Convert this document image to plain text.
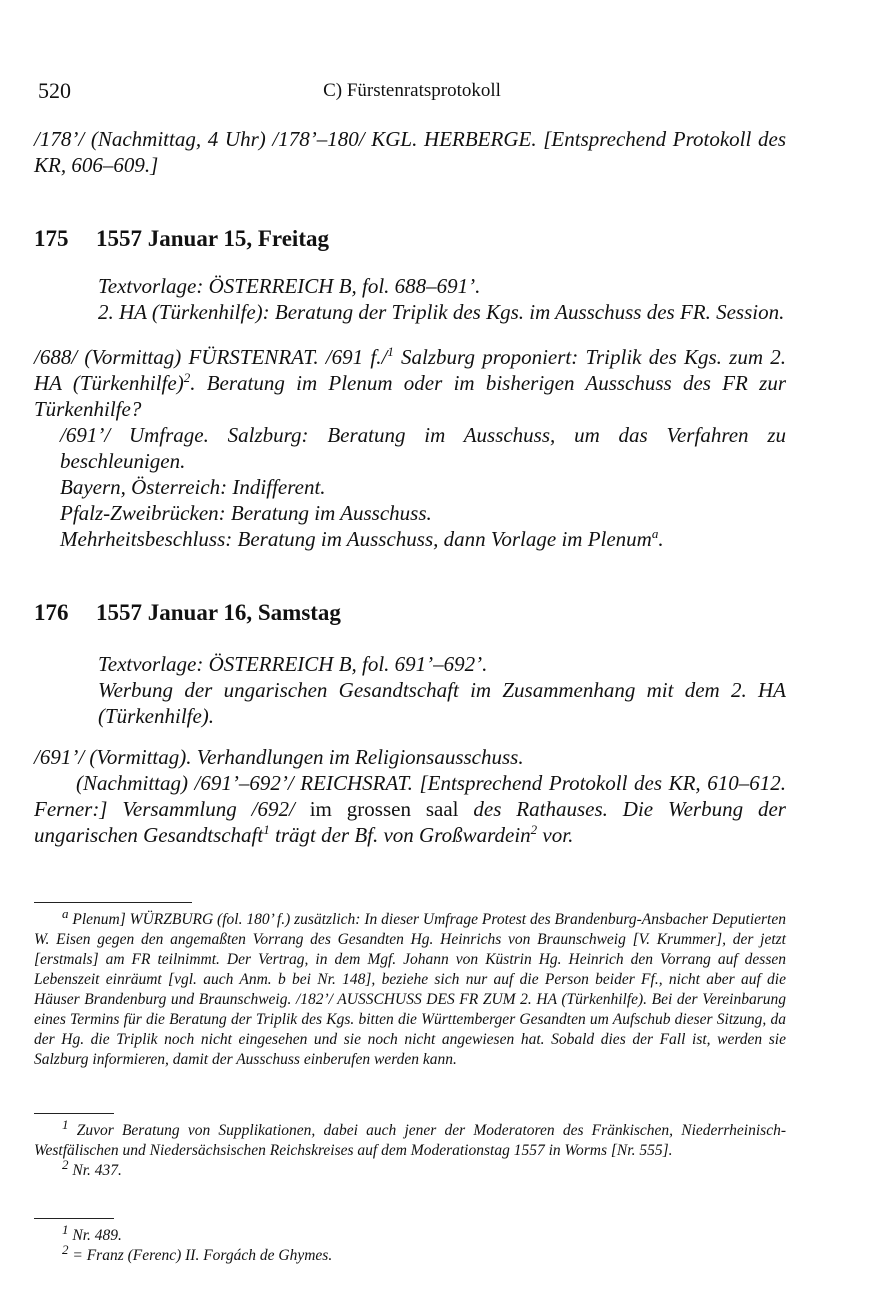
520	C) Fürstenratsprotokoll
/178’/ (Nachmittag, 4 Uhr) /178’–180/ KGL. HERBERGE. [Entsprechend Protokoll des KR, 606–609.]
175 1557 Januar 15, Freitag
Textvorlage: ÖSTERREICH B, fol. 688–691’.
2. HA (Türkenhilfe): Beratung der Triplik des Kgs. im Ausschuss des FR. Session.
/688/ (Vormittag) FÜRSTENRAT. /691 f./$^1$ Salzburg proponiert: Triplik des Kgs. zum 2. HA (Türkenhilfe)$^2$. Beratung im Plenum oder im bisherigen Ausschuss des FR zur Türkenhilfe?
/691’/ Umfrage. Salzburg: Beratung im Ausschuss, um das Verfahren zu beschleunigen.
Bayern, Österreich: Indifferent.
Pfalz-Zweibrücken: Beratung im Ausschuss.
Mehrheitsbeschluss: Beratung im Ausschuss, dann Vorlage im Plenum$^a$.
176 1557 Januar 16, Samstag
Textvorlage: ÖSTERREICH B, fol. 691’–692’.
Werbung der ungarischen Gesandtschaft im Zusammenhang mit dem 2. HA (Türkenhilfe).
/691’/ (Vormittag). Verhandlungen im Religionsausschuss.
(Nachmittag) /691’–692’/ REICHSRAT. [Entsprechend Protokoll des KR, 610–612. Ferner:] Versammlung /692/ im grossen saal des Rathauses. Die Werbung der ungarischen Gesandtschaft$^1$ trägt der Bf. von Großwardein$^2$ vor.
$^a$ Plenum] WÜRZBURG (fol. 180’ f.) zusätzlich: In dieser Umfrage Protest des Brandenburg-Ansbacher Deputierten W. Eisen gegen den angemaßten Vorrang des Gesandten Hg. Heinrichs von Braunschweig [V. Krummer], der jetzt [erstmals] am FR teilnimmt. Der Vertrag, in dem Mgf. Johann von Küstrin Hg. Heinrich den Vorrang auf dessen Lebenszeit einräumt [vgl. auch Anm. b bei Nr. 148], beziehe sich nur auf die Person beider Ff., nicht aber auf die Häuser Brandenburg und Braunschweig. /182’/ AUSSCHUSS DES FR ZUM 2. HA (Türkenhilfe). Bei der Vereinbarung eines Termins für die Beratung der Triplik des Kgs. bitten die Württemberger Gesandten um Aufschub dieser Sitzung, da der Hg. die Triplik noch nicht eingesehen und sie noch nicht angewiesen hat. Sobald dies der Fall ist, werden sie Salzburg informieren, damit der Ausschuss einberufen werden kann.
$^1$ Zuvor Beratung von Supplikationen, dabei auch jener der Moderatoren des Fränkischen, Niederrheinisch-Westfälischen und Niedersächsischen Reichskreises auf dem Moderationstag 1557 in Worms [Nr. 555].
$^2$ Nr. 437.
$^1$ Nr. 489.
$^2$ = Franz (Ferenc) II. Forgách de Ghymes.
